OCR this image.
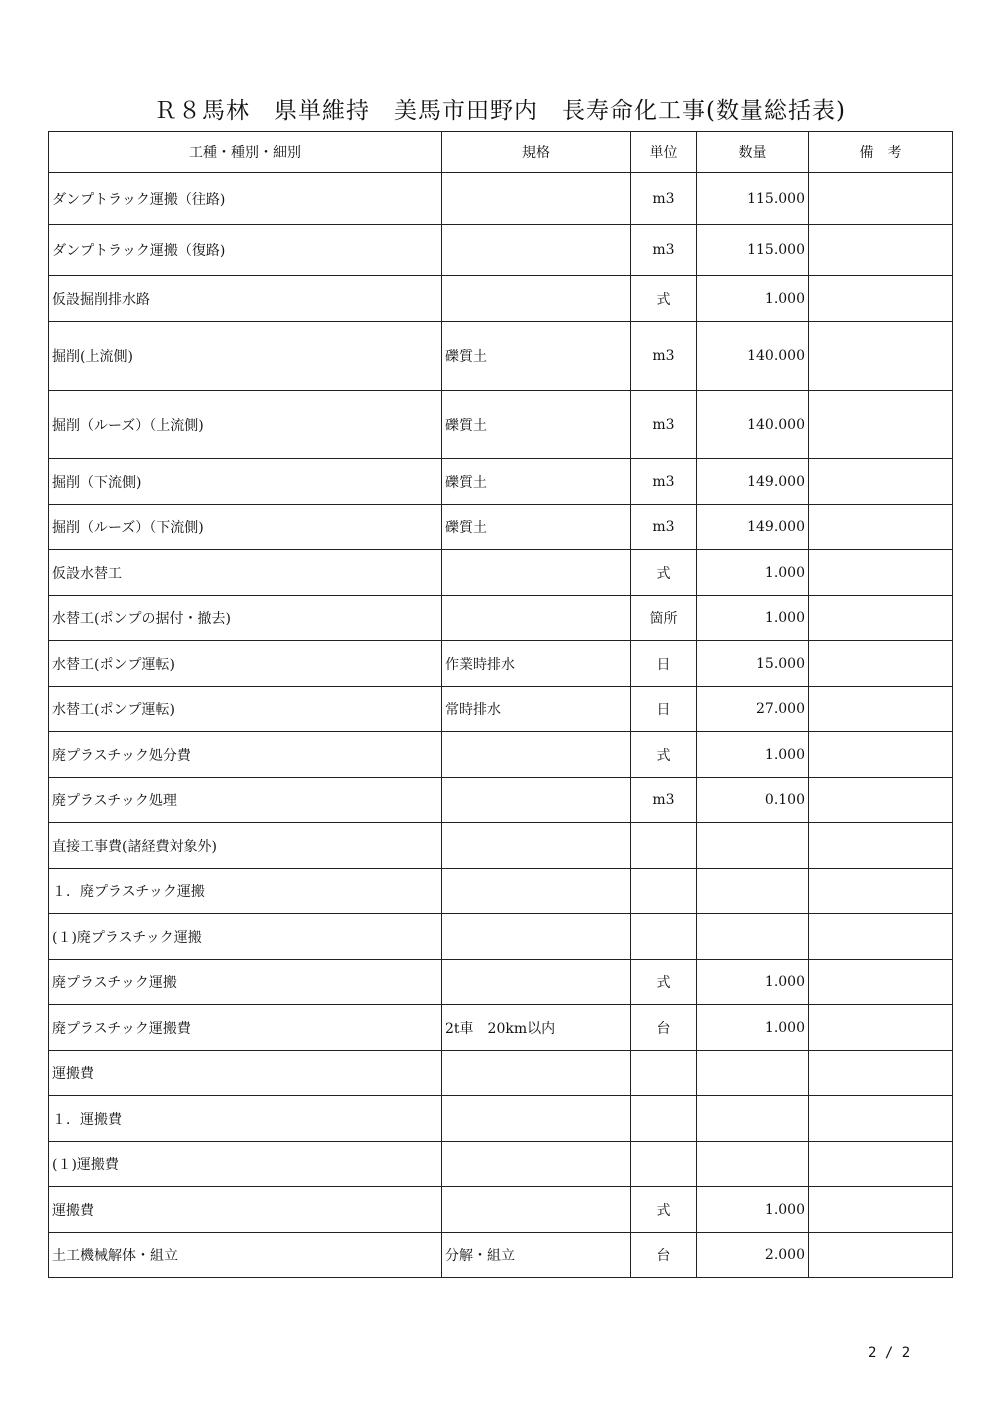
Ｒ８馬林　県単維持　美馬市田野内　長寿命化工事(数量総括表)
工種・種別・細別	規格	単位	数量	備　考
ダンプトラック運搬（往路)		m3	115.000	
ダンプトラック運搬（復路)		m3	115.000	
仮設掘削排水路		式	1.000	
掘削(上流側)	礫質土	m3	140.000	
掘削（ルーズ）（上流側)	礫質土	m3	140.000	
掘削（下流側)	礫質土	m3	149.000	
掘削（ルーズ）（下流側)	礫質土	m3	149.000	
仮設水替工		式	1.000	
水替工(ポンプの据付・撤去)		箇所	1.000	
水替工(ポンプ運転)	作業時排水	日	15.000	
水替工(ポンプ運転)	常時排水	日	27.000	
廃プラスチック処分費		式	1.000	
廃プラスチック処理		m3	0.100	
直接工事費(諸経費対象外)				
１．廃プラスチック運搬				
(１)廃プラスチック運搬				
廃プラスチック運搬		式	1.000	
廃プラスチック運搬費	2t車　20km以内	台	1.000	
運搬費				
１．運搬費				
(１)運搬費				
運搬費		式	1.000	
土工機械解体・組立	分解・組立	台	2.000	
2 / 2
